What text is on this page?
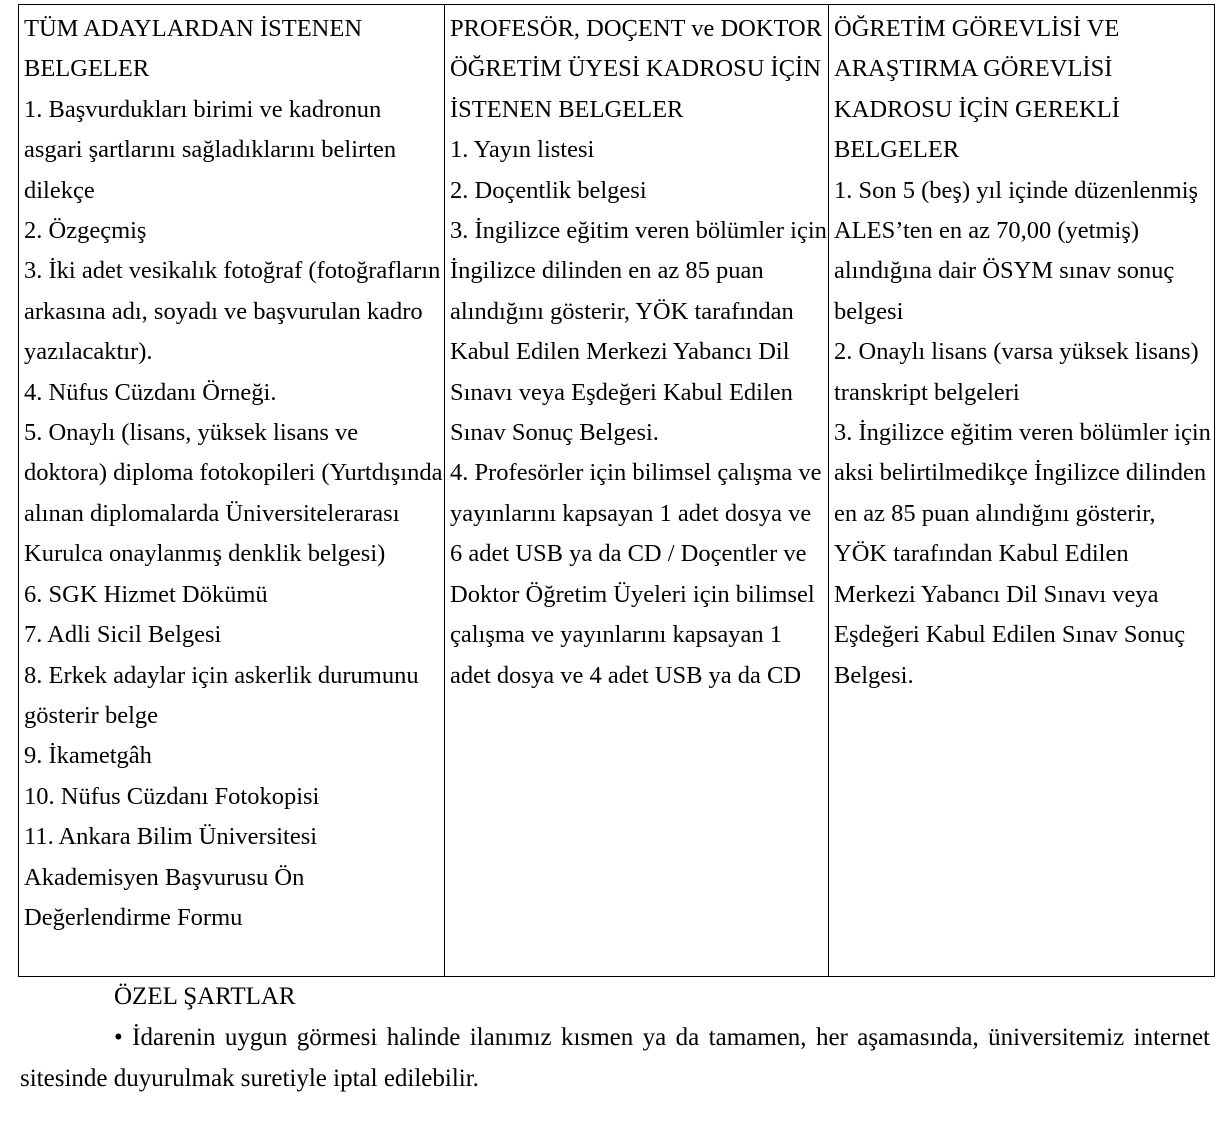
TÜM ADAYLARDAN İSTENEN BELGELER
1. Başvurdukları birimi ve kadronun asgari şartlarını sağladıklarını belirten dilekçe
2. Özgeçmiş
3. İki adet vesikalık fotoğraf (fotoğrafların arkasına adı, soyadı ve başvurulan kadro yazılacaktır).
4. Nüfus Cüzdanı Örneği.
5. Onaylı (lisans, yüksek lisans ve doktora) diploma fotokopileri (Yurtdışında alınan diplomalarda Üniversitelerarası Kurulca onaylanmış denklik belgesi)
6. SGK Hizmet Dökümü
7. Adli Sicil Belgesi
8. Erkek adaylar için askerlik durumunu gösterir belge
9. İkametgâh
10. Nüfus Cüzdanı Fotokopisi
11. Ankara Bilim Üniversitesi Akademisyen Başvurusu Ön Değerlendirme Formu

PROFESÖR, DOÇENT ve DOKTOR ÖĞRETİM ÜYESİ KADROSU İÇİN İSTENEN BELGELER
1. Yayın listesi
2. Doçentlik belgesi
3. İngilizce eğitim veren bölümler için İngilizce dilinden en az 85 puan alındığını gösterir, YÖK tarafından Kabul Edilen Merkezi Yabancı Dil Sınavı veya Eşdeğeri Kabul Edilen Sınav Sonuç Belgesi.
4. Profesörler için bilimsel çalışma ve yayınlarını kapsayan 1 adet dosya ve 6 adet USB ya da CD / Doçentler ve Doktor Öğretim Üyeleri için bilimsel çalışma ve yayınlarını kapsayan 1 adet dosya ve 4 adet USB ya da CD

ÖĞRETİM GÖREVLİSİ VE ARAŞTIRMA GÖREVLİSİ KADROSU İÇİN GEREKLİ BELGELER
1. Son 5 (beş) yıl içinde düzenlenmiş ALES’ten en az 70,00 (yetmiş) alındığına dair ÖSYM sınav sonuç belgesi
2. Onaylı lisans (varsa yüksek lisans) transkript belgeleri
3. İngilizce eğitim veren bölümler için aksi belirtilmedikçe İngilizce dilinden en az 85 puan alındığını gösterir, YÖK tarafından Kabul Edilen Merkezi Yabancı Dil Sınavı veya Eşdeğeri Kabul Edilen Sınav Sonuç Belgesi.
ÖZEL ŞARTLAR
• İdarenin uygun görmesi halinde ilanımız kısmen ya da tamamen, her aşamasında, üniversitemiz internet sitesinde duyurulmak suretiyle iptal edilebilir.
